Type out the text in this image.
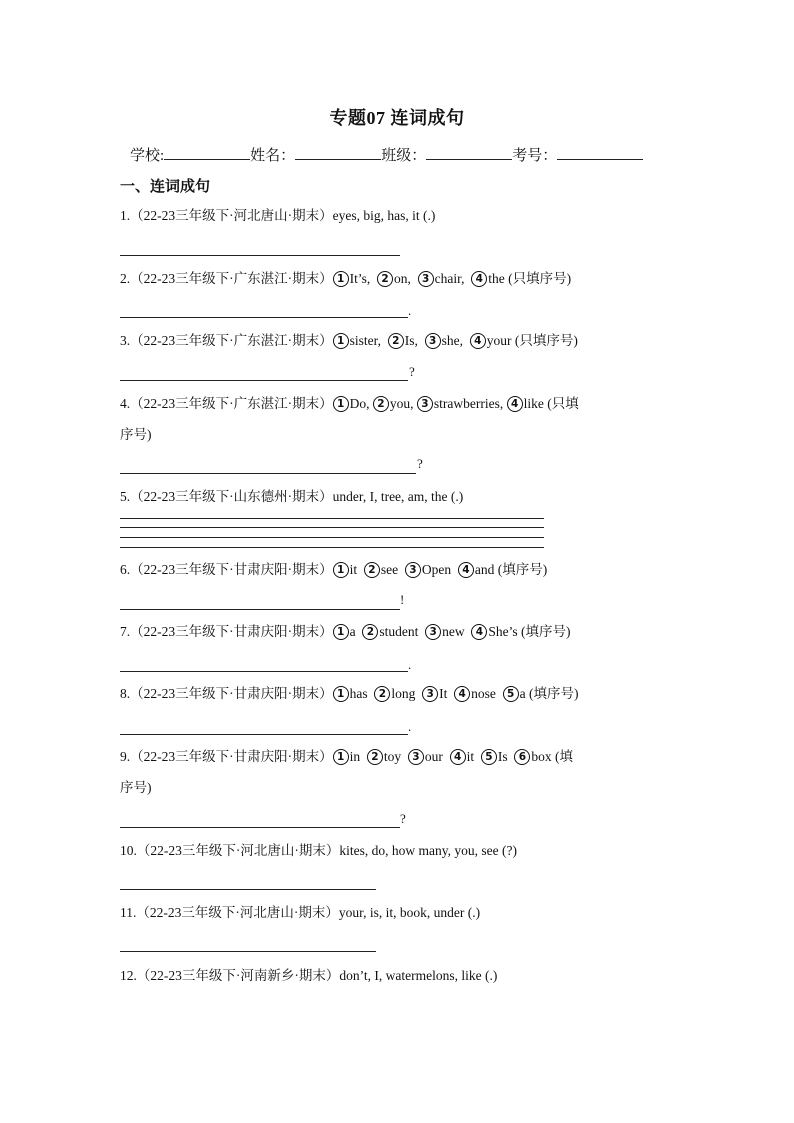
专题07 连词成句
学校:	姓名：	班级：	考号：
一、连词成句
1.（22-23三年级下·河北唐山·期末）eyes, big, has, it (.)
2.（22-23三年级下·广东湛江·期末） 1 It’s, 2 on, 3 chair, 4 the (只填序号)
.
3.（22-23三年级下·广东湛江·期末） 1 sister, 2 Is, 3 she, 4 your (只填序号)
?
4.（22-23三年级下·广东湛江·期末） 1 Do, 2 you, 3 strawberries, 4 like (只填
序号)
?
5.（22-23三年级下·山东德州·期末）under, I, tree, am, the (.)
6.（22-23三年级下·甘肃庆阳·期末） 1 it 2 see 3 Open 4 and (填序号)
!
7.（22-23三年级下·甘肃庆阳·期末） 1 a 2 student 3 new 4 She’s (填序号)
.
8.（22-23三年级下·甘肃庆阳·期末） 1 has 2 long 3 It 4 nose 5 a (填序号)
.
9.（22-23三年级下·甘肃庆阳·期末） 1 in 2 toy 3 our 4 it 5 Is 6 box (填
序号)
?
10.（22-23三年级下·河北唐山·期末）kites, do, how many, you, see (?)
11.（22-23三年级下·河北唐山·期末）your, is, it, book, under (.)
12.（22-23三年级下·河南新乡·期末）don’t, I, watermelons, like (.)
